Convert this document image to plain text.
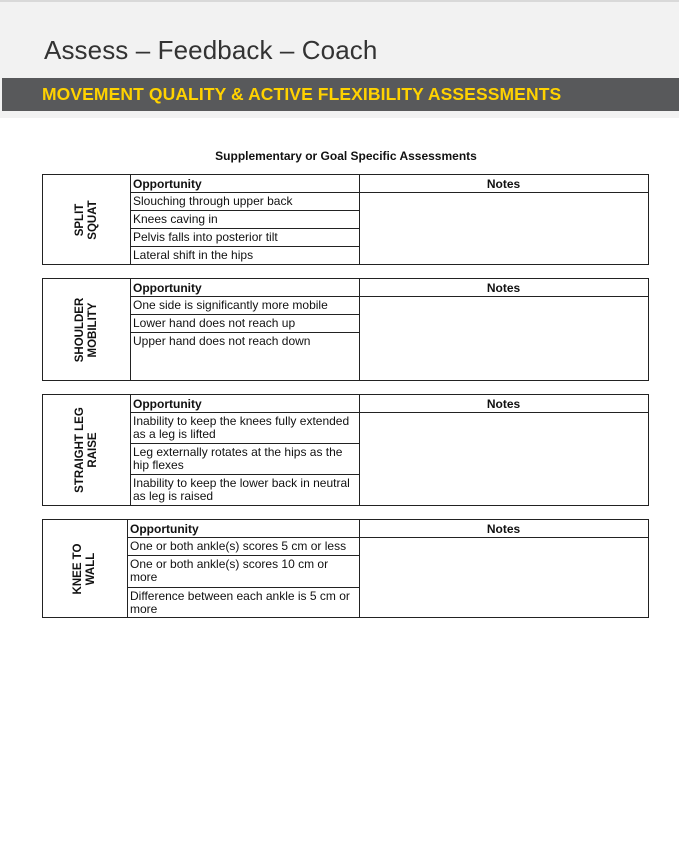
Assess – Feedback – Coach
MOVEMENT QUALITY & ACTIVE FLEXIBILITY ASSESSMENTS
Supplementary or Goal Specific Assessments
SPLIT SQUAT
Opportunity
Slouching through upper back
Knees caving in
Pelvis falls into posterior tilt
Lateral shift in the hips
Notes
SHOULDER MOBILITY
Opportunity
One side is significantly more mobile
Lower hand does not reach up
Upper hand does not reach down
Notes
STRAIGHT LEG RAISE
Opportunity
Inability to keep the knees fully extended as a leg is lifted
Leg externally rotates at the hips as the hip flexes
Inability to keep the lower back in neutral as leg is raised
Notes
KNEE TO WALL
Opportunity
One or both ankle(s) scores 5 cm or less
One or both ankle(s) scores 10 cm or more
Difference between each ankle is 5 cm or more
Notes
